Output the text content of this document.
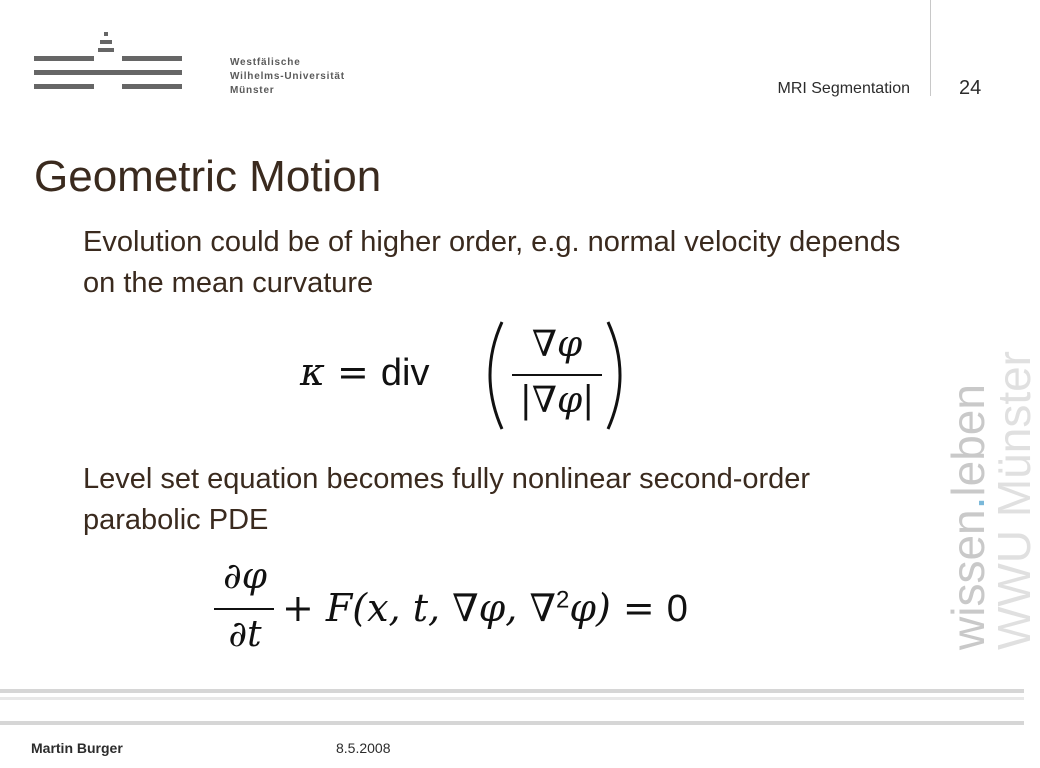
Westfälische
Wilhelms-Universität
Münster	MRI Segmentation 24
Geometric Motion
Evolution could be of higher order, e.g. normal velocity depends on the mean curvature
Level set equation becomes fully nonlinear second-order parabolic PDE
κ = div
∇φ
|∇φ|
∂φ
∂t
+ F(x, t, ∇φ, ∇$^2$φ) = 0	wissen.leben
WWU Münster
Martin Burger	8.5.2008
